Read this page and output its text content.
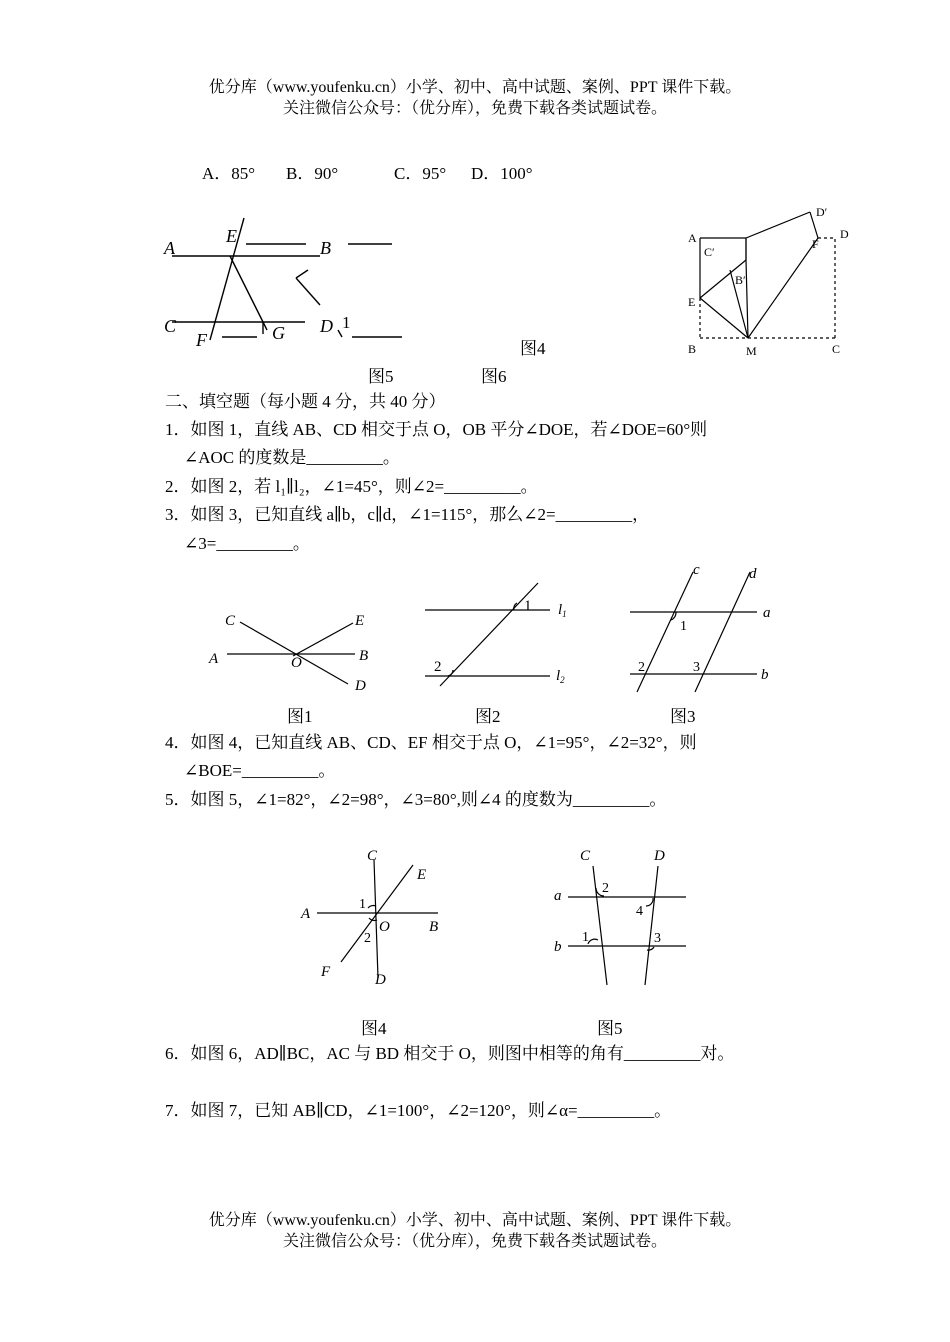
优分库（www.youfenku.cn）小学、初中、高中试题、案例、PPT 课件下载。
关注微信公众号：（优分库），免费下载各类试题试卷。
A．85° B．90°	C．95° D．100°
A
E
B
C
F	G D 1
A
C′
B′
D′
D
F
E
B	M	C
图4
图5	图6
二、填空题（每小题 4 分，共 40 分）
1．如图 1，直线 AB、CD 相交于点 O，OB 平分∠DOE，若∠DOE=60°则
∠AOC 的度数是_________。
2．如图 2，若 l₁∥l₂，∠1=45°，则∠2=_________。
3．如图 3，已知直线 a∥b，c∥d，∠1=115°，那么∠2=_________，
∠3=_________。
C	E
A	O	B
D
1
2
$l_1$
$l_2$
c	d
a
b
1
2	3
图1	图2	图3
4．如图 4，已知直线 AB、CD、EF 相交于点 O，∠1=95°，∠2=32°，则
∠BOE=_________。
5．如图 5，∠1=82°，∠2=98°，∠3=80°,则∠4 的度数为_________。
C
E
A
1
O	B
2
F	D
C	D
a	2
4
b
1	3
图4	图5
6．如图 6，AD∥BC，AC 与 BD 相交于 O，则图中相等的角有_________对。
7．如图 7，已知 AB∥CD，∠1=100°，∠2=120°，则∠α=_________。
优分库（www.youfenku.cn）小学、初中、高中试题、案例、PPT 课件下载。
关注微信公众号：（优分库），免费下载各类试题试卷。
